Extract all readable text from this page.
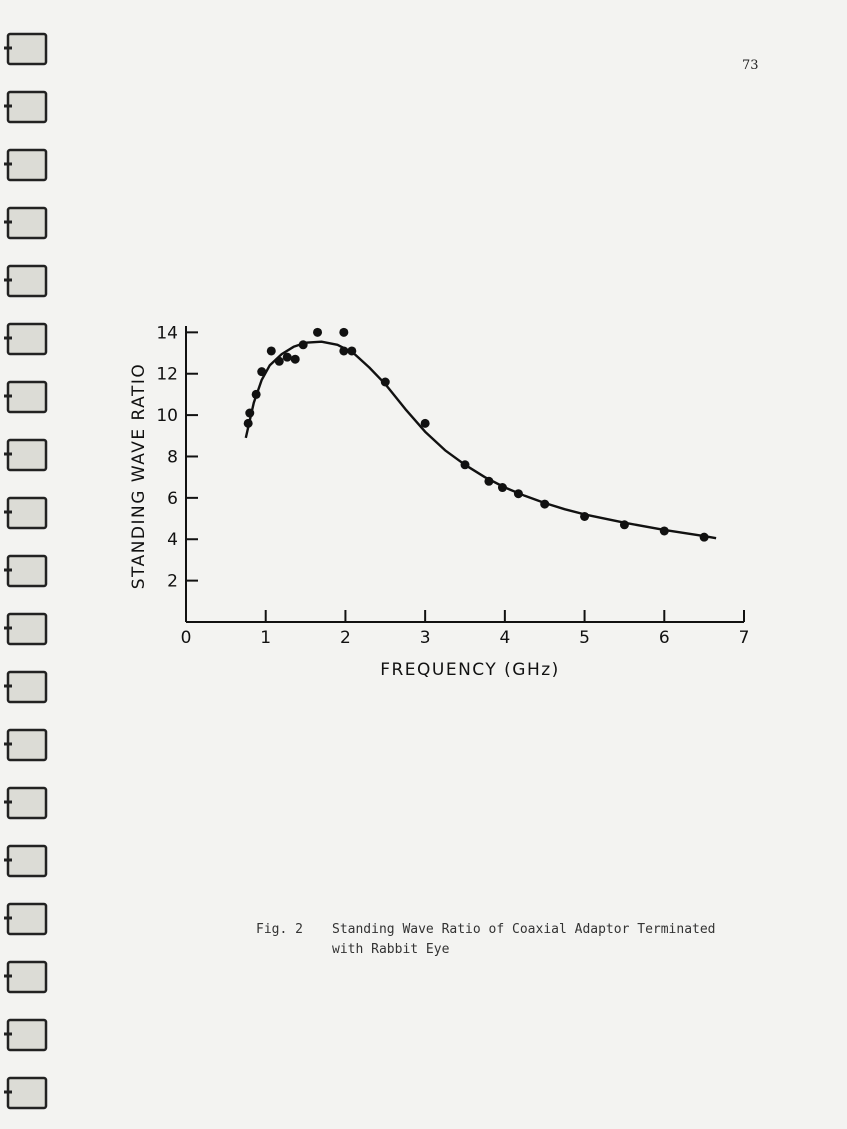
73
0	1	2	3	4	5	6	7
2
4
6
8
10
12
14
FREQUENCY (GHz)
STANDING WAVE RATIO
Fig. 2 Standing Wave Ratio of Coaxial Adaptor Terminated
with Rabbit Eye
